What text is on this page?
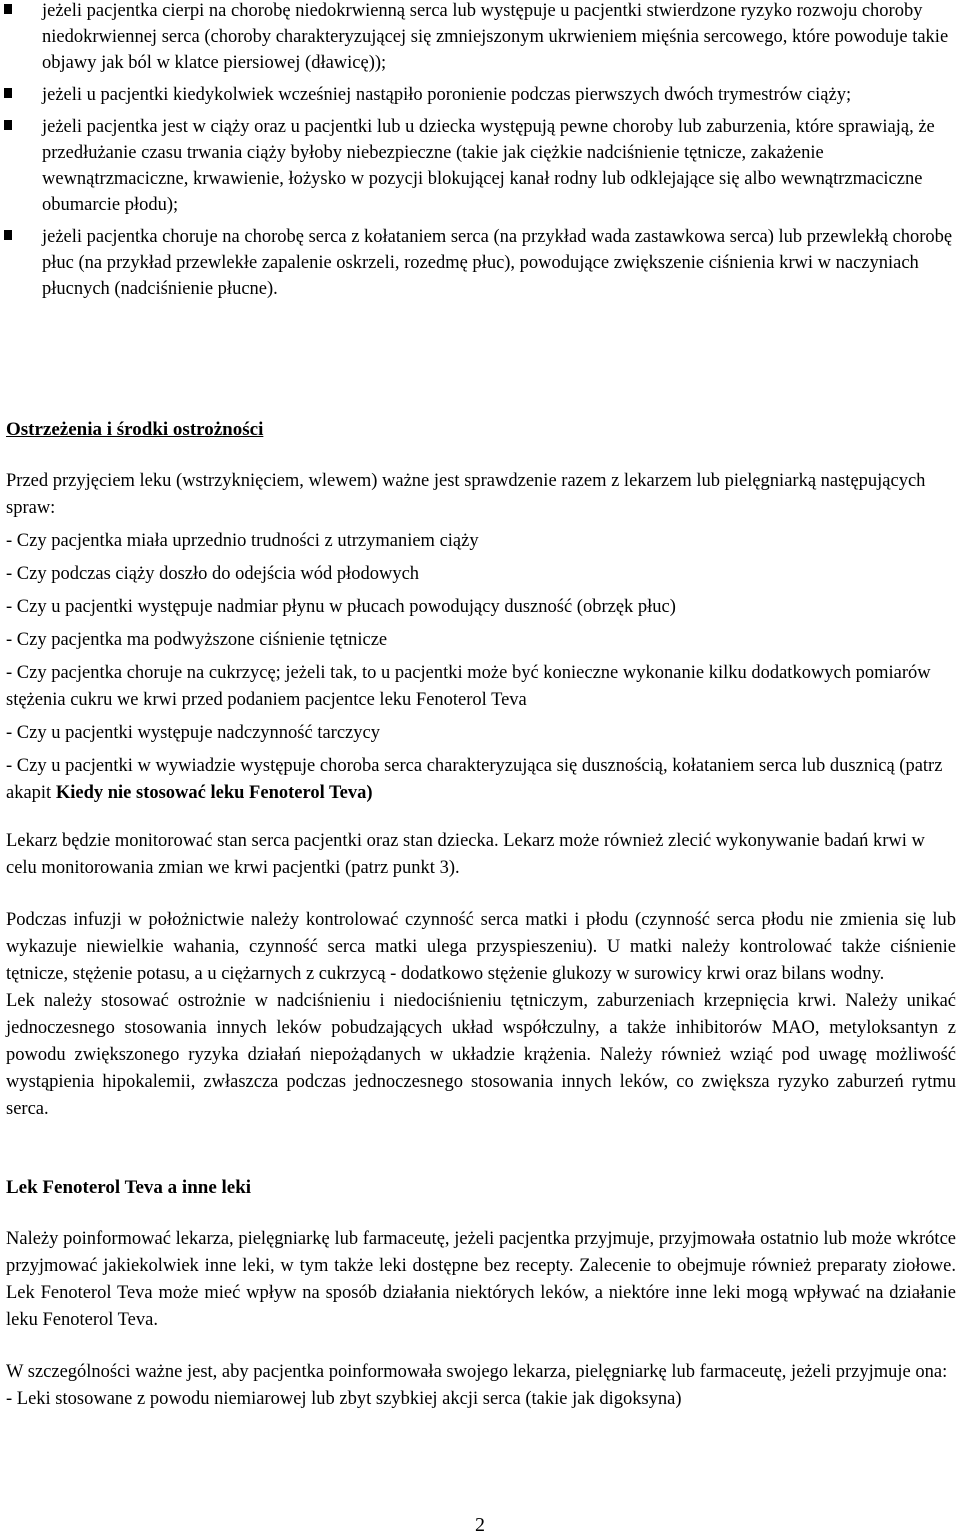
jeżeli pacjentka cierpi na chorobę niedokrwienną serca lub występuje u pacjentki stwierdzone ryzyko rozwoju choroby niedokrwiennej serca (choroby charakteryzującej się zmniejszonym ukrwieniem mięśnia sercowego, które powoduje takie objawy jak ból w klatce piersiowej (dławicę));
jeżeli u pacjentki kiedykolwiek wcześniej nastąpiło poronienie podczas pierwszych dwóch trymestrów ciąży;
jeżeli pacjentka jest w ciąży oraz u pacjentki lub u dziecka występują pewne choroby lub zaburzenia, które sprawiają, że przedłużanie czasu trwania ciąży byłoby niebezpieczne (takie jak ciężkie nadciśnienie tętnicze, zakażenie wewnątrzmaciczne, krwawienie, łożysko w pozycji blokującej kanał rodny lub odklejające się albo wewnątrzmaciczne obumarcie płodu);
jeżeli pacjentka choruje na chorobę serca z kołataniem serca (na przykład wada zastawkowa serca) lub przewlekłą chorobę płuc (na przykład przewlekłe zapalenie oskrzeli, rozedmę płuc), powodujące zwiększenie ciśnienia krwi w naczyniach płucnych (nadciśnienie płucne).

Ostrzeżenia i środki ostrożności

Przed przyjęciem leku (wstrzyknięciem, wlewem) ważne jest sprawdzenie razem z lekarzem lub pielęgniarką następujących spraw:

- Czy pacjentka miała uprzednio trudności z utrzymaniem ciąży

- Czy podczas ciąży doszło do odejścia wód płodowych

- Czy u pacjentki występuje nadmiar płynu w płucach powodujący duszność (obrzęk płuc)

- Czy pacjentka ma podwyższone ciśnienie tętnicze

- Czy pacjentka choruje na cukrzycę; jeżeli tak, to u pacjentki może być konieczne wykonanie kilku dodatkowych pomiarów stężenia cukru we krwi przed podaniem pacjentce leku Fenoterol Teva

- Czy u pacjentki występuje nadczynność tarczycy

- Czy u pacjentki w wywiadzie występuje choroba serca charakteryzująca się dusznością, kołataniem serca lub dusznicą (patrz akapit Kiedy nie stosować leku Fenoterol Teva)

Lekarz będzie monitorować stan serca pacjentki oraz stan dziecka. Lekarz może również zlecić wykonywanie badań krwi w celu monitorowania zmian we krwi pacjentki (patrz punkt 3).

Podczas infuzji w położnictwie należy kontrolować czynność serca matki i płodu (czynność serca płodu nie zmienia się lub wykazuje niewielkie wahania, czynność serca matki ulega przyspieszeniu). U matki należy kontrolować także ciśnienie tętnicze, stężenie potasu, a u ciężarnych z cukrzycą - dodatkowo stężenie glukozy w surowicy krwi oraz bilans wodny.

Lek należy stosować ostrożnie w nadciśnieniu i niedociśnieniu tętniczym, zaburzeniach krzepnięcia krwi. Należy unikać jednoczesnego stosowania innych leków pobudzających układ współczulny, a także inhibitorów MAO, metyloksantyn z powodu zwiększonego ryzyka działań niepożądanych w układzie krążenia. Należy również wziąć pod uwagę możliwość wystąpienia hipokalemii, zwłaszcza podczas jednoczesnego stosowania innych leków, co zwiększa ryzyko zaburzeń rytmu serca.

Lek Fenoterol Teva a inne leki

Należy poinformować lekarza, pielęgniarkę lub farmaceutę, jeżeli pacjentka przyjmuje, przyjmowała ostatnio lub może wkrótce przyjmować jakiekolwiek inne leki, w tym także leki dostępne bez recepty. Zalecenie to obejmuje również preparaty ziołowe. Lek Fenoterol Teva może mieć wpływ na sposób działania niektórych leków, a niektóre inne leki mogą wpływać na działanie leku Fenoterol Teva.

W szczególności ważne jest, aby pacjentka poinformowała swojego lekarza, pielęgniarkę lub farmaceutę, jeżeli przyjmuje ona:

- Leki stosowane z powodu niemiarowej lub zbyt szybkiej akcji serca (takie jak digoksyna)

2
